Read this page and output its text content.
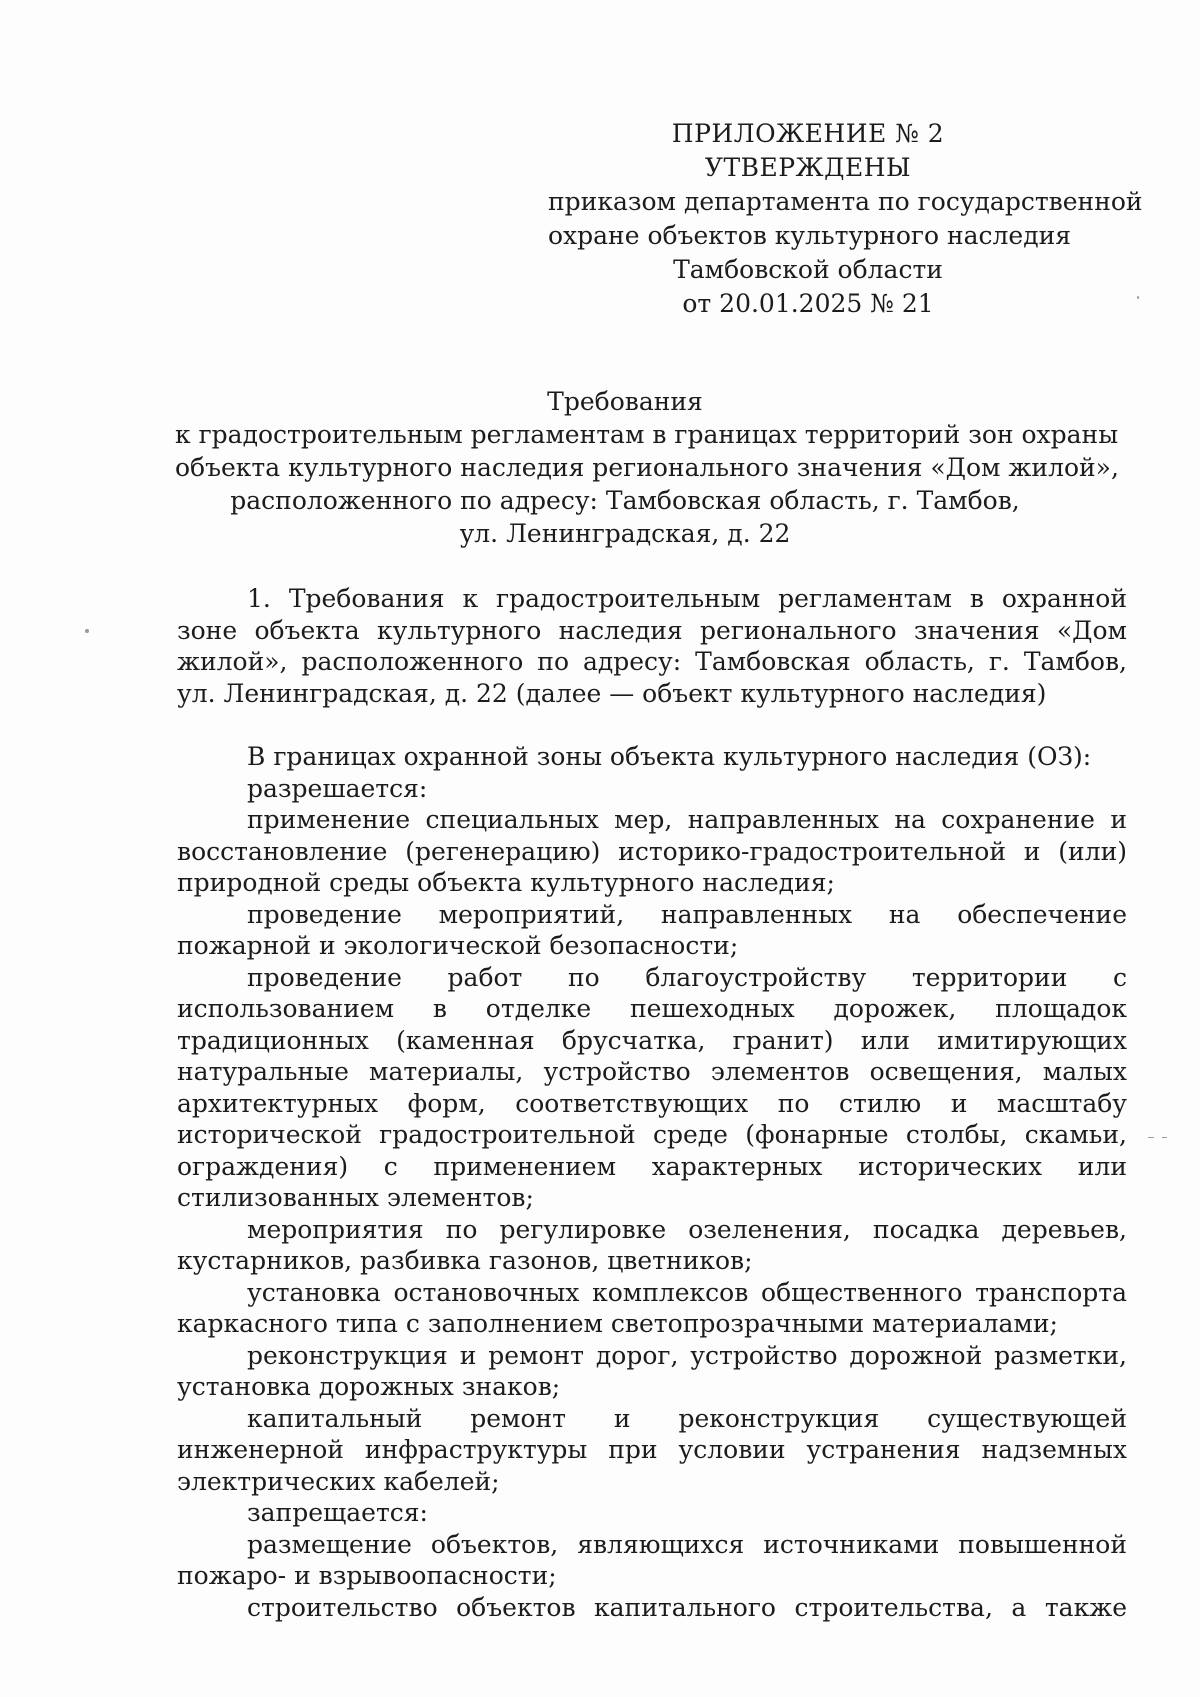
ПРИЛОЖЕНИЕ № 2
УТВЕРЖДЕНЫ
приказом департамента по государственной
охране объектов культурного наследия
Тамбовской области
от 20.01.2025 № 21
Требования
к градостроительным регламентам в границах территорий зон охраны
объекта культурного наследия регионального значения «Дом жилой»,
расположенного по адресу: Тамбовская область, г. Тамбов,
ул. Ленинградская, д. 22

1. Требования к градостроительным регламентам в охранной зоне объекта культурного наследия регионального значения «Дом жилой», расположенного по адресу: Тамбовская область, г. Тамбов, ул. Ленинградская, д. 22 (далее — объект культурного наследия)

В границах охранной зоны объекта культурного наследия (ОЗ):

разрешается:

применение специальных мер, направленных на сохранение и восстановление (регенерацию) историко-градостроительной и (или) природной среды объекта культурного наследия;

проведение мероприятий, направленных на обеспечение пожарной и экологической безопасности;

проведение работ по благоустройству территории с использованием в отделке пешеходных дорожек, площадок традиционных (каменная брусчатка, гранит) или имитирующих натуральные материалы, устройство элементов освещения, малых архитектурных форм, соответствующих по стилю и масштабу исторической градостроительной среде (фонарные столбы, скамьи, ограждения) с применением характерных исторических или стилизованных элементов;

мероприятия по регулировке озеленения, посадка деревьев, кустарников, разбивка газонов, цветников;

установка остановочных комплексов общественного транспорта каркасного типа с заполнением светопрозрачными материалами;

реконструкция и ремонт дорог, устройство дорожной разметки, установка дорожных знаков;

капитальный ремонт и реконструкция существующей инженерной инфраструктуры при условии устранения надземных электрических кабелей;

запрещается:

размещение объектов, являющихся источниками повышенной пожаро- и взрывоопасности;

строительство объектов капитального строительства, а также
